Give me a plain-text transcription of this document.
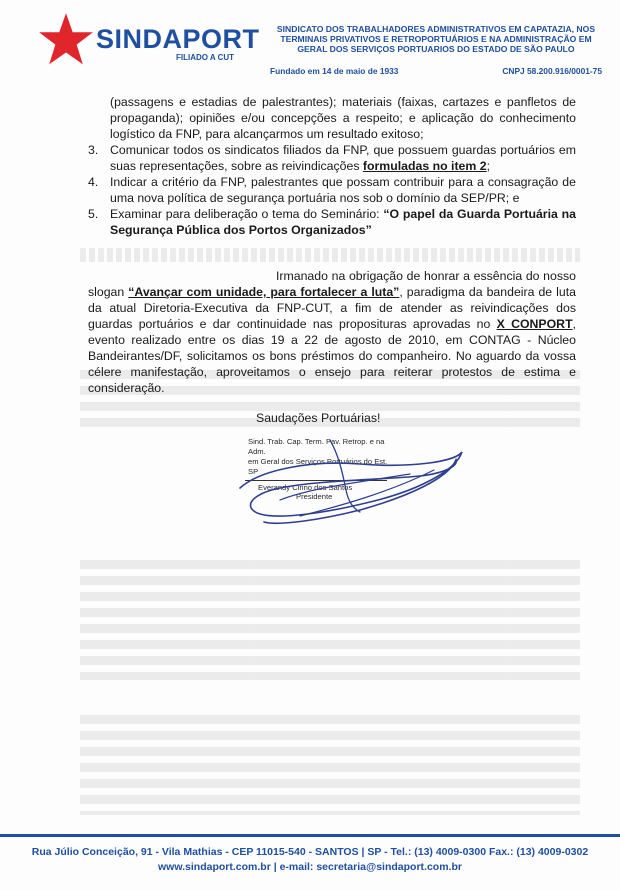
SINDAPORT
FILIADO A CUT
SINDICATO DOS TRABALHADORES ADMINISTRATIVOS EM CAPATAZIA, NOS
TERMINAIS PRIVATIVOS E RETROPORTUÁRIOS E NA ADMINISTRAÇÃO EM
GERAL DOS SERVIÇOS PORTUARIOS DO ESTADO DE SÃO PAULO
Fundado em 14 de maio de 1933	CNPJ 58.200.916/0001-75
(passagens e estadias de palestrantes); materiais (faixas, cartazes e panfletos de propaganda); opiniões e/ou concepções a respeito; e aplicação do conhecimento logístico da FNP, para alcançarmos um resultado exitoso;
3. Comunicar todos os sindicatos filiados da FNP, que possuem guardas portuários em suas representações, sobre as reivindicações formuladas no item 2;
4. Indicar a critério da FNP, palestrantes que possam contribuir para a consagração de uma nova política de segurança portuária nos sob o domínio da SEP/PR; e
5. Examinar para deliberação o tema do Seminário: “O papel da Guarda Portuária na Segurança Pública dos Portos Organizados”
Irmanado na obrigação de honrar a essência do nosso slogan “Avançar com unidade, para fortalecer a luta”, paradigma da bandeira de luta da atual Diretoria-Executiva da FNP-CUT, a fim de atender as reivindicações dos guardas portuários e dar continuidade nas proposituras aprovadas no X CONPORT, evento realizado entre os dias 19 a 22 de agosto de 2010, em CONTAG - Núcleo Bandeirantes/DF, solicitamos os bons préstimos do companheiro. No aguardo da vossa célere manifestação, aproveitamos o ensejo para reiterar protestos de estima e consideração.
Saudações Portuárias!
Sind. Trab. Cap. Term. Pav. Retrop. e na Adm.
em Geral dos Serviços Portuários do Est. SP
Everandy Cirino dos Santos
Presidente
Rua Júlio Conceição, 91 - Vila Mathias - CEP 11015-540 - SANTOS | SP - Tel.: (13) 4009-0300 Fax.: (13) 4009-0302
www.sindaport.com.br | e-mail: secretaria@sindaport.com.br
